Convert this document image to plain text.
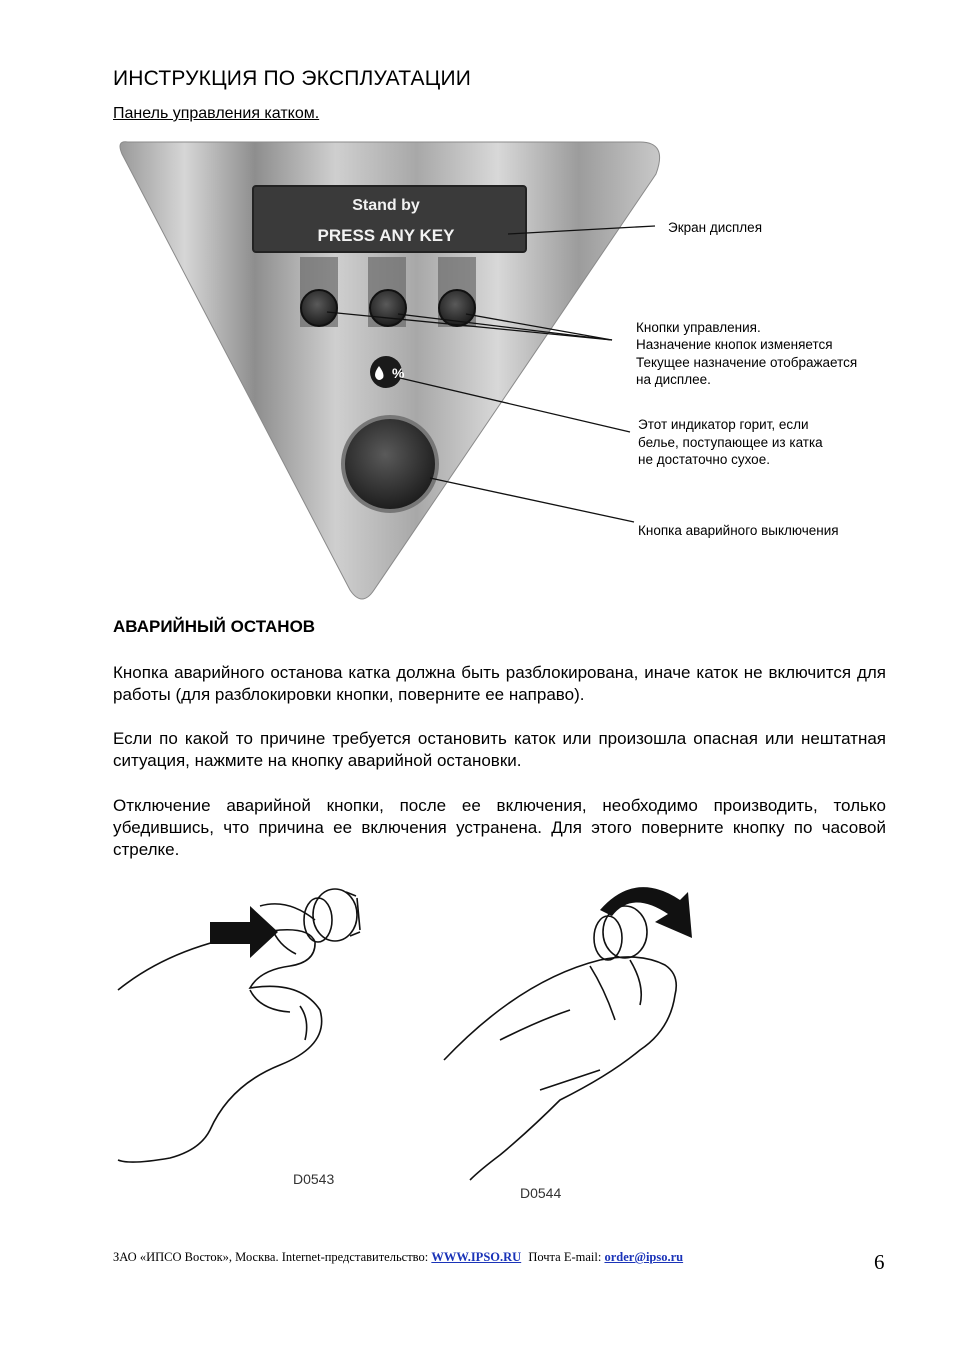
ИНСТРУКЦИЯ ПО ЭКСПЛУАТАЦИИ
Панель управления катком.
Stand by
PRESS ANY KEY
%
Экран дисплея
Кнопки управления.
Назначение кнопок изменяется
Текущее назначение отображается
на дисплее.
Этот индикатор горит, если
белье, поступающее из катка
не достаточно сухое.
Кнопка аварийного выключения
АВАРИЙНЫЙ ОСТАНОВ
Кнопка аварийного останова катка должна быть разблокирована, иначе каток не включится для работы (для разблокировки кнопки, поверните ее направо).
Если по какой то причине требуется остановить каток или произошла опасная или нештатная ситуация, нажмите на кнопку аварийной остановки.
Отключение аварийной кнопки, после ее включения, необходимо производить, только убедившись, что причина ее включения устранена. Для этого поверните кнопку по часовой стрелке.
D0543
D0544
ЗАО «ИПСО Восток», Москва. Internet-представительство: WWW.IPSO.RU Почта E-mail: order@ipso.ru	6
